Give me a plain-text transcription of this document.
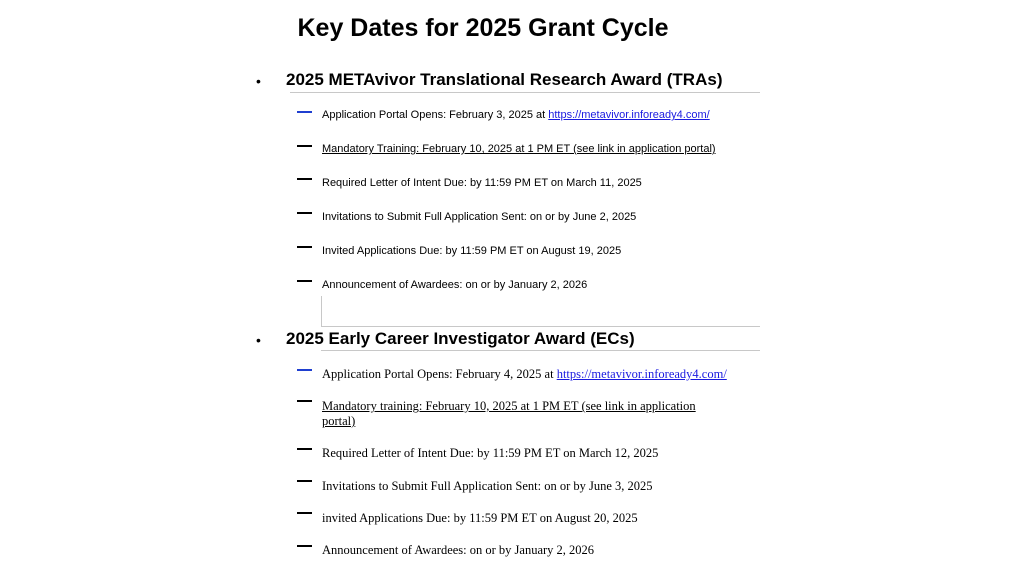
Key Dates for 2025 Grant Cycle
• 2025 METAvivor Translational Research Award (TRAs)
Application Portal Opens: February 3, 2025 at https://metavivor.infoready4.com/
Mandatory Training: February 10, 2025 at 1 PM ET (see link in application portal)
Required Letter of Intent Due: by 11:59 PM ET on March 11, 2025
Invitations to Submit Full Application Sent: on or by June 2, 2025
Invited Applications Due: by 11:59 PM ET on August 19, 2025
Announcement of Awardees: on or by January 2, 2026
• 2025 Early Career Investigator Award (ECs)
Application Portal Opens: February 4, 2025 at https://metavivor.infoready4.com/
Mandatory training: February 10, 2025 at 1 PM ET (see link in application
portal)
Required Letter of Intent Due: by 11:59 PM ET on March 12, 2025
Invitations to Submit Full Application Sent: on or by June 3, 2025
invited Applications Due: by 11:59 PM ET on August 20, 2025
Announcement of Awardees: on or by January 2, 2026
